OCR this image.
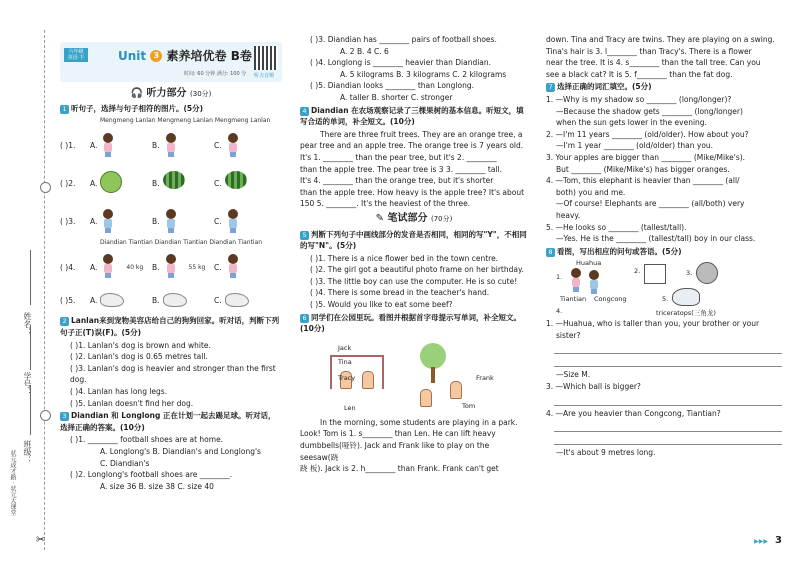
班级：
学号：
姓名：
状元成才路 · 状元大课堂
✂
六年级 英语·下	Unit 3 素养培优卷 B卷
时间: 60 分钟 满分: 100 分 听力音频
🎧 听力部分 (30分)
1 听句子，选择与句子相符的图片。(5分)
Mengmeng Lanlan Mengmeng Lanlan Mengmeng Lanlan
( )1.	A.	B.	C.
( )2.	A.	B.	C.
( )3.	A.	B.	C.
Diandian Tiantian Diandian Tiantian Diandian Tiantian
( )4.	A.	40 kg B.	55 kg C.
( )5.	A.	B.	C.
2 Lanlan来到宠物美容店给自己的狗狗回家。听对话，判断下列句子正(T)误(F)。(5分)
( )1. Lanlan's dog is brown and white.
( )2. Lanlan's dog is 0.65 metres tall.
( )3. Lanlan's dog is heavier and stronger than the first dog.
( )4. Lanlan has long legs.
( )5. Lanlan doesn't find her dog.
3 Diandian 和 Longlong 正在计划一起去踢足球。听对话，选择正确的答案。(10分)
( )1. ________ football shoes are at home.
A. Longlong's B. Diandian's and Longlong's
C. Diandian's
( )2. Longlong's football shoes are ________.
A. size 36 B. size 38 C. size 40
( )3. Diandian has ________ pairs of football shoes.
A. 2 B. 4 C. 6
( )4. Longlong is ________ heavier than Diandian.
A. 5 kilograms B. 3 kilograms C. 2 kilograms
( )5. Diandian looks ________ than Longlong.
A. taller B. shorter C. stronger
4 Diandian 在农场观察记录了三棵果树的基本信息。听短文，填写合适的单词，补全短文。(10分)
There are three fruit trees. They are an orange tree, a
pear tree and an apple tree. The orange tree is 7 years old.
It's 1. ________ than the pear tree, but it's 2. ________
than the apple tree. The pear tree is 3 3. ________ tall.
It's 4. ________ than the orange tree, but it's shorter
than the apple tree. How heavy is the apple tree? It's about
150 5. ________. It's the heaviest of the three.
✎ 笔试部分 (70分)
5 判断下列句子中画线部分的发音是否相同，相同的写"Y"，不相同的写"N"。(5分)
( )1. There is a nice flower bed in the town centre.
( )2. The girl got a beautiful photo frame on her birthday.
( )3. The little boy can use the computer. He is so cute!
( )4. There is some bread in the teacher's hand.
( )5. Would you like to eat some beef?
6 同学们在公园里玩。看图并根据首字母提示写单词，补全短文。(10分)
Jack
Tina
Tracy
Len
Frank
Tom
In the morning, some students are playing in a park.
Look! Tom is 1. s________ than Len. He can lift heavy
dumbbells(哑铃). Jack and Frank like to play on the seesaw(跷
跷 板). Jack is 2. h________ than Frank. Frank can't get
down. Tina and Tracy are twins. They are playing on a swing.
Tina's hair is 3. l________ than Tracy's. There is a flower
near the tree. It is 4. s________ than the tall tree. Can you
see a black cat? It is 5. f________ than the fat dog.
7 选择正确的词汇填空。(5分)
1. —Why is my shadow so ________ (long/longer)?
—Because the shadow gets ________ (long/longer)
when the sun gets lower in the evening.
2. —I'm 11 years ________ (old/older). How about you?
—I'm 1 year ________ (old/older) than you.
3. Your apples are bigger than ________ (Mike/Mike's).
But ________ (Mike/Mike's) has bigger oranges.
4. —Tom, this elephant is heavier than ________ (all/
both) you and me.
—Of course! Elephants are ________ (all/both) very
heavy.
5. —He looks so ________ (tallest/tall).
—Yes. He is the ________ (tallest/tall) boy in our class.
8 看图，写出相应的问句或答语。(5分)
Huahua
1.
2.	3.
Tiantian Congcong
4.
5.
triceratops(三角龙)
1. —Huahua, who is taller than you, your brother or your
sister?
—Size M.
3. —Which ball is bigger?
4. —Are you heavier than Congcong, Tiantian?
—It's about 9 metres long.
▶▶▶ 3
